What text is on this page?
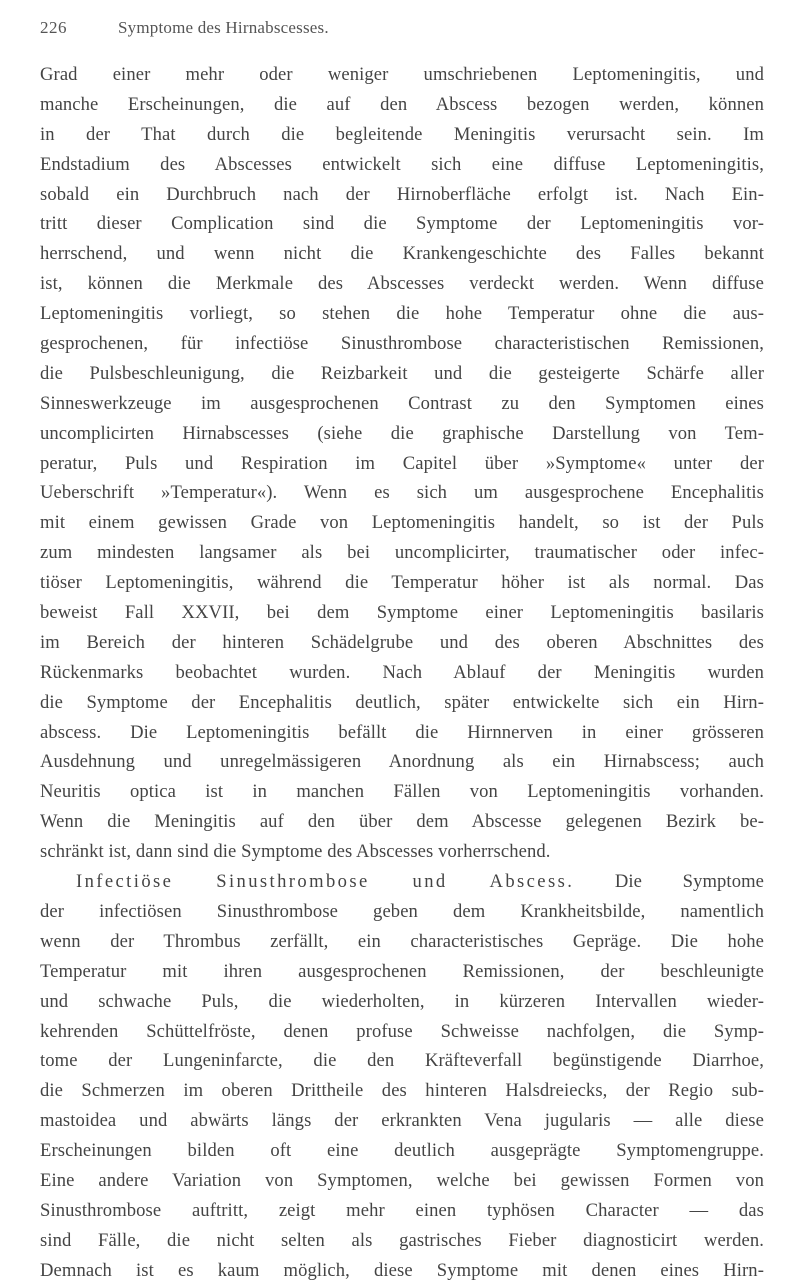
226	Symptome des Hirnabscesses.
Grad einer mehr oder weniger umschriebenen Leptomeningitis, und
manche Erscheinungen, die auf den Abscess bezogen werden, können
in der That durch die begleitende Meningitis verursacht sein. Im
Endstadium des Abscesses entwickelt sich eine diffuse Leptomeningitis,
sobald ein Durchbruch nach der Hirnoberfläche erfolgt ist. Nach Ein-
tritt dieser Complication sind die Symptome der Leptomeningitis vor-
herrschend, und wenn nicht die Krankengeschichte des Falles bekannt
ist, können die Merkmale des Abscesses verdeckt werden. Wenn diffuse
Leptomeningitis vorliegt, so stehen die hohe Temperatur ohne die aus-
gesprochenen, für infectiöse Sinusthrombose characteristischen Remissionen,
die Pulsbeschleunigung, die Reizbarkeit und die gesteigerte Schärfe aller
Sinneswerkzeuge im ausgesprochenen Contrast zu den Symptomen eines
uncomplicirten Hirnabscesses (siehe die graphische Darstellung von Tem-
peratur, Puls und Respiration im Capitel über »Symptome« unter der
Ueberschrift »Temperatur«). Wenn es sich um ausgesprochene Encephalitis
mit einem gewissen Grade von Leptomeningitis handelt, so ist der Puls
zum mindesten langsamer als bei uncomplicirter, traumatischer oder infec-
tiöser Leptomeningitis, während die Temperatur höher ist als normal. Das
beweist Fall XXVII, bei dem Symptome einer Leptomeningitis basilaris
im Bereich der hinteren Schädelgrube und des oberen Abschnittes des
Rückenmarks beobachtet wurden. Nach Ablauf der Meningitis wurden
die Symptome der Encephalitis deutlich, später entwickelte sich ein Hirn-
abscess. Die Leptomeningitis befällt die Hirnnerven in einer grösseren
Ausdehnung und unregelmässigeren Anordnung als ein Hirnabscess; auch
Neuritis optica ist in manchen Fällen von Leptomeningitis vorhanden.
Wenn die Meningitis auf den über dem Abscesse gelegenen Bezirk be-
schränkt ist, dann sind die Symptome des Abscesses vorherrschend.
Infectiöse Sinusthrombose und Abscess. Die Symptome
der infectiösen Sinusthrombose geben dem Krankheitsbilde, namentlich
wenn der Thrombus zerfällt, ein characteristisches Gepräge. Die hohe
Temperatur mit ihren ausgesprochenen Remissionen, der beschleunigte
und schwache Puls, die wiederholten, in kürzeren Intervallen wieder-
kehrenden Schüttelfröste, denen profuse Schweisse nachfolgen, die Symp-
tome der Lungeninfarcte, die den Kräfteverfall begünstigende Diarrhoe,
die Schmerzen im oberen Drittheile des hinteren Halsdreiecks, der Regio sub-
mastoidea und abwärts längs der erkrankten Vena jugularis — alle diese
Erscheinungen bilden oft eine deutlich ausgeprägte Symptomengruppe.
Eine andere Variation von Symptomen, welche bei gewissen Formen von
Sinusthrombose auftritt, zeigt mehr einen typhösen Character — das
sind Fälle, die nicht selten als gastrisches Fieber diagnosticirt werden.
Demnach ist es kaum möglich, diese Symptome mit denen eines Hirn-
